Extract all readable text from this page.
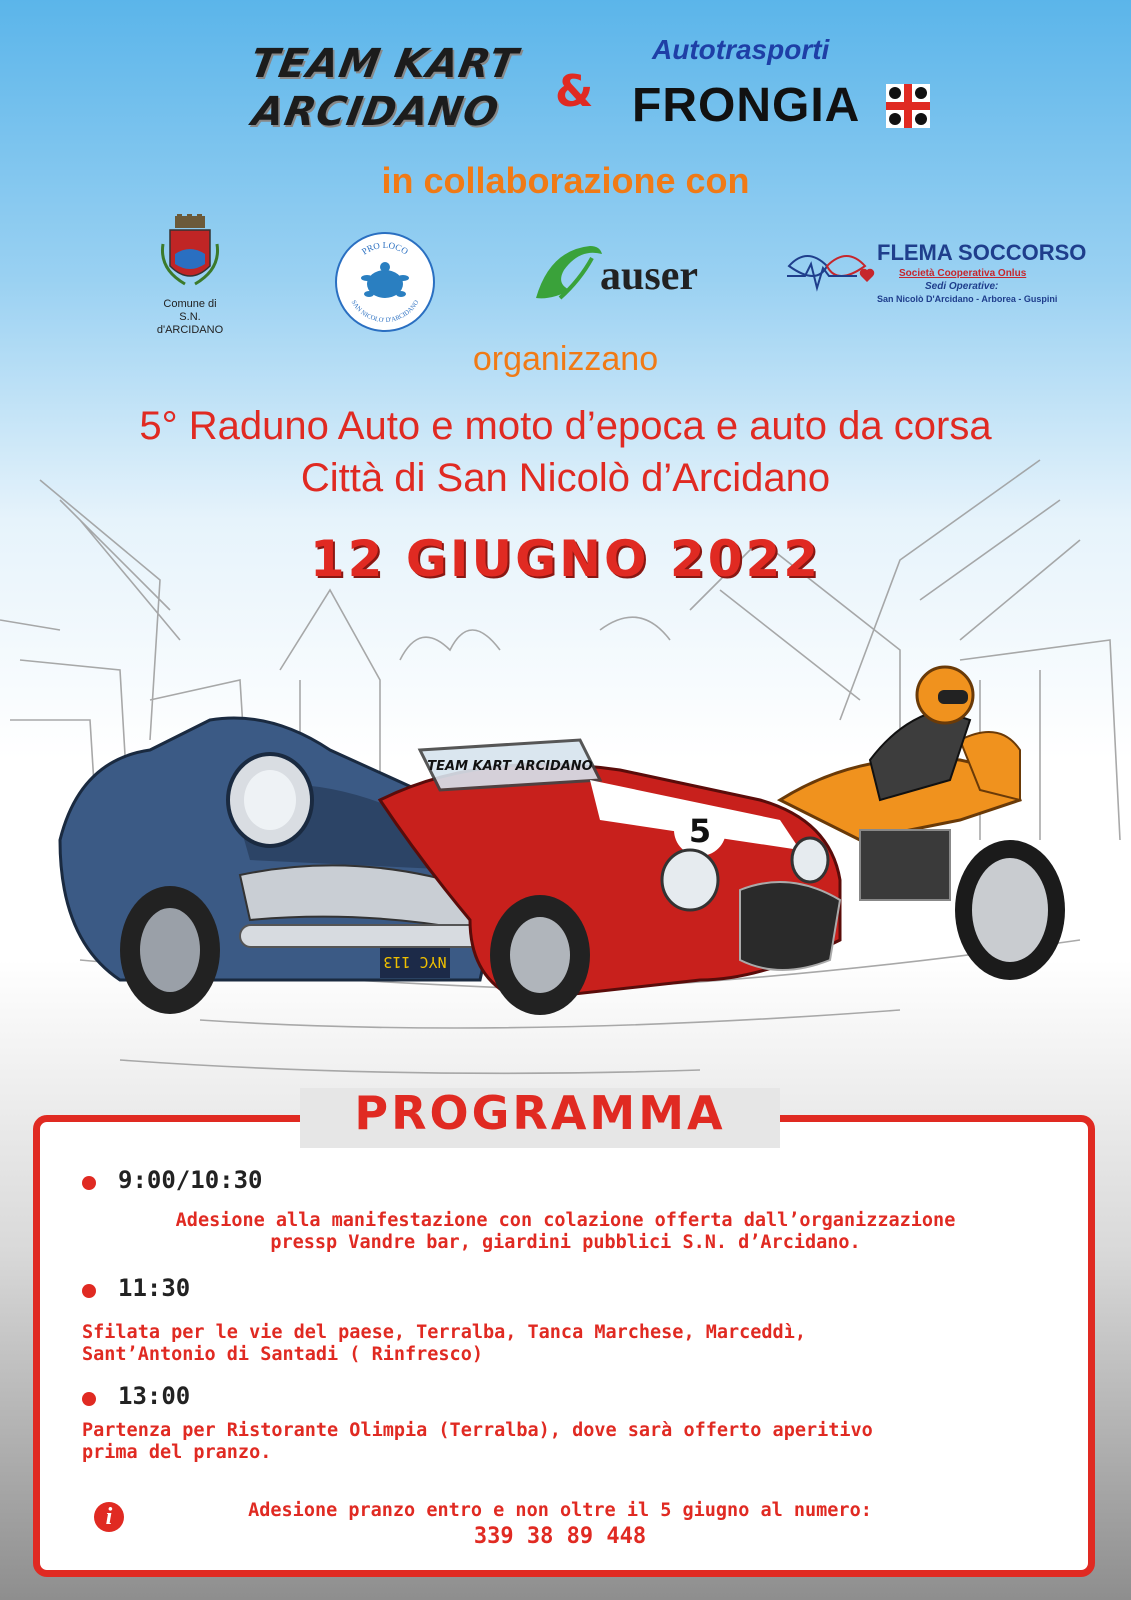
TEAM KART
ARCIDANO	&
Autotrasporti
FRONGIA
in collaborazione con
Comune di
S.N. d'ARCIDANO
PRO LOCO
SAN NICOLO' D'ARCIDANO
auser
FLEMA SOCCORSO
Società Cooperativa Onlus
Sedi Operative:
San Nicolò D'Arcidano - Arborea - Guspini
NYC 113
TEAM KART ARCIDANO
5
organizzano
5° Raduno Auto e moto d’epoca e auto da corsa
Città di San Nicolò d’Arcidano
12 GIUGNO 2022
PROGRAMMA
9:00/10:30
Adesione alla manifestazione con colazione offerta dall’organizzazione
pressp Vandre bar, giardini pubblici S.N. d’Arcidano.
11:30
Sfilata per le vie del paese, Terralba, Tanca Marchese, Marceddì,
Sant’Antonio di Santadi ( Rinfresco)
13:00
Partenza per Ristorante Olimpia (Terralba), dove sarà offerto aperitivo
prima del pranzo.
i	Adesione pranzo entro e non oltre il 5 giugno al numero:
339 38 89 448
